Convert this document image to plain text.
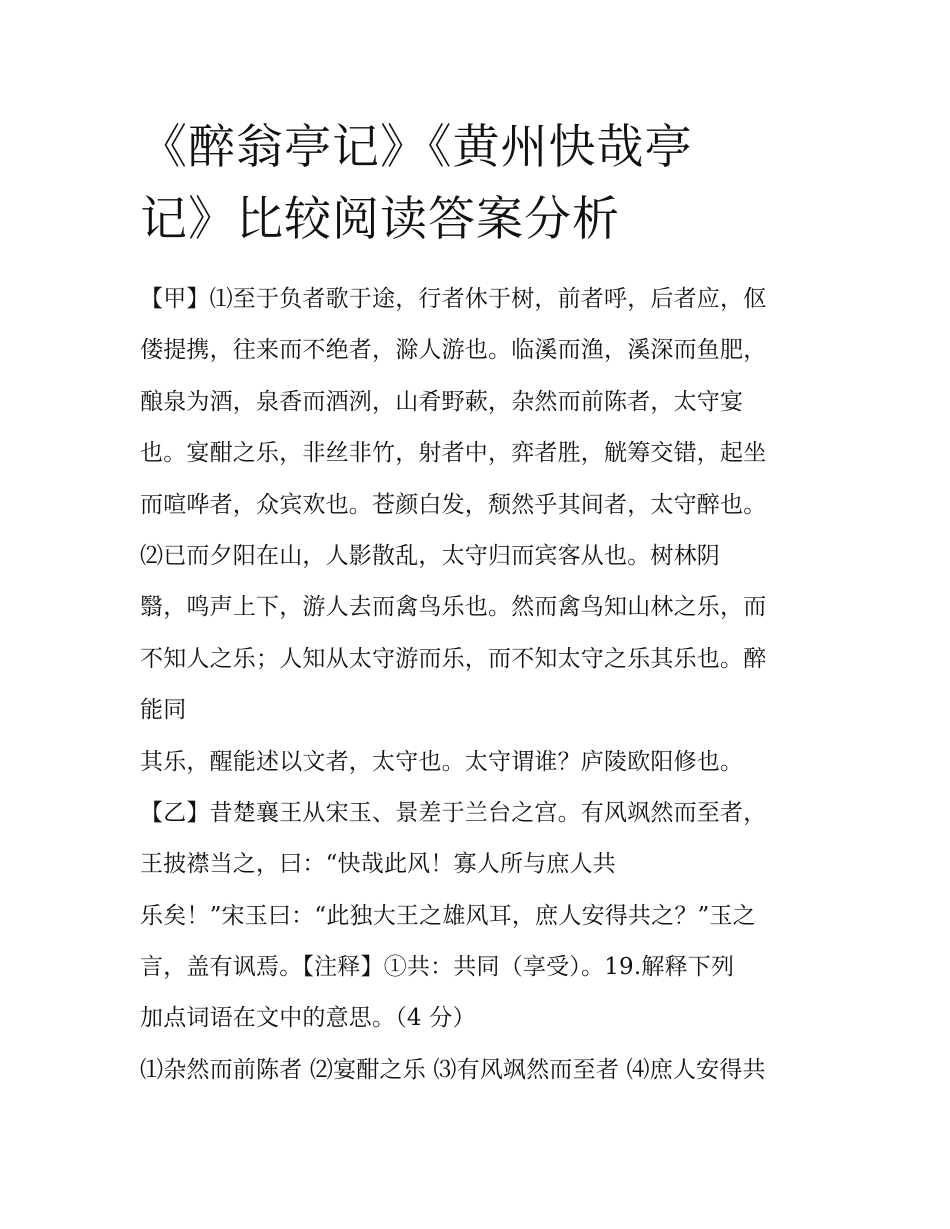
《醉翁亭记》《黄州快哉亭
记》比较阅读答案分析
【甲】⑴至于负者歌于途，行者休于树，前者呼，后者应，伛
偻提携，往来而不绝者，滁人游也。临溪而渔，溪深而鱼肥，
酿泉为酒，泉香而酒洌，山肴野蔌，杂然而前陈者，太守宴
也。宴酣之乐，非丝非竹，射者中，弈者胜，觥筹交错，起坐
而喧哗者，众宾欢也。苍颜白发，颓然乎其间者，太守醉也。
⑵已而夕阳在山，人影散乱，太守归而宾客从也。树林阴
翳，鸣声上下，游人去而禽鸟乐也。然而禽鸟知山林之乐，而
不知人之乐；人知从太守游而乐，而不知太守之乐其乐也。醉
能同
其乐，醒能述以文者，太守也。太守谓谁？庐陵欧阳修也。
【乙】昔楚襄王从宋玉、景差于兰台之宫。有风飒然而至者，
王披襟当之，曰：“快哉此风！寡人所与庶人共
乐矣！”宋玉曰：“此独大王之雄风耳，庶人安得共之？”玉之
言，盖有讽焉。【注释】①共：共同（享受）。19.解释下列
加点词语在文中的意思。（4 分）
⑴杂然而前陈者 ⑵宴酣之乐 ⑶有风飒然而至者 ⑷庶人安得共
